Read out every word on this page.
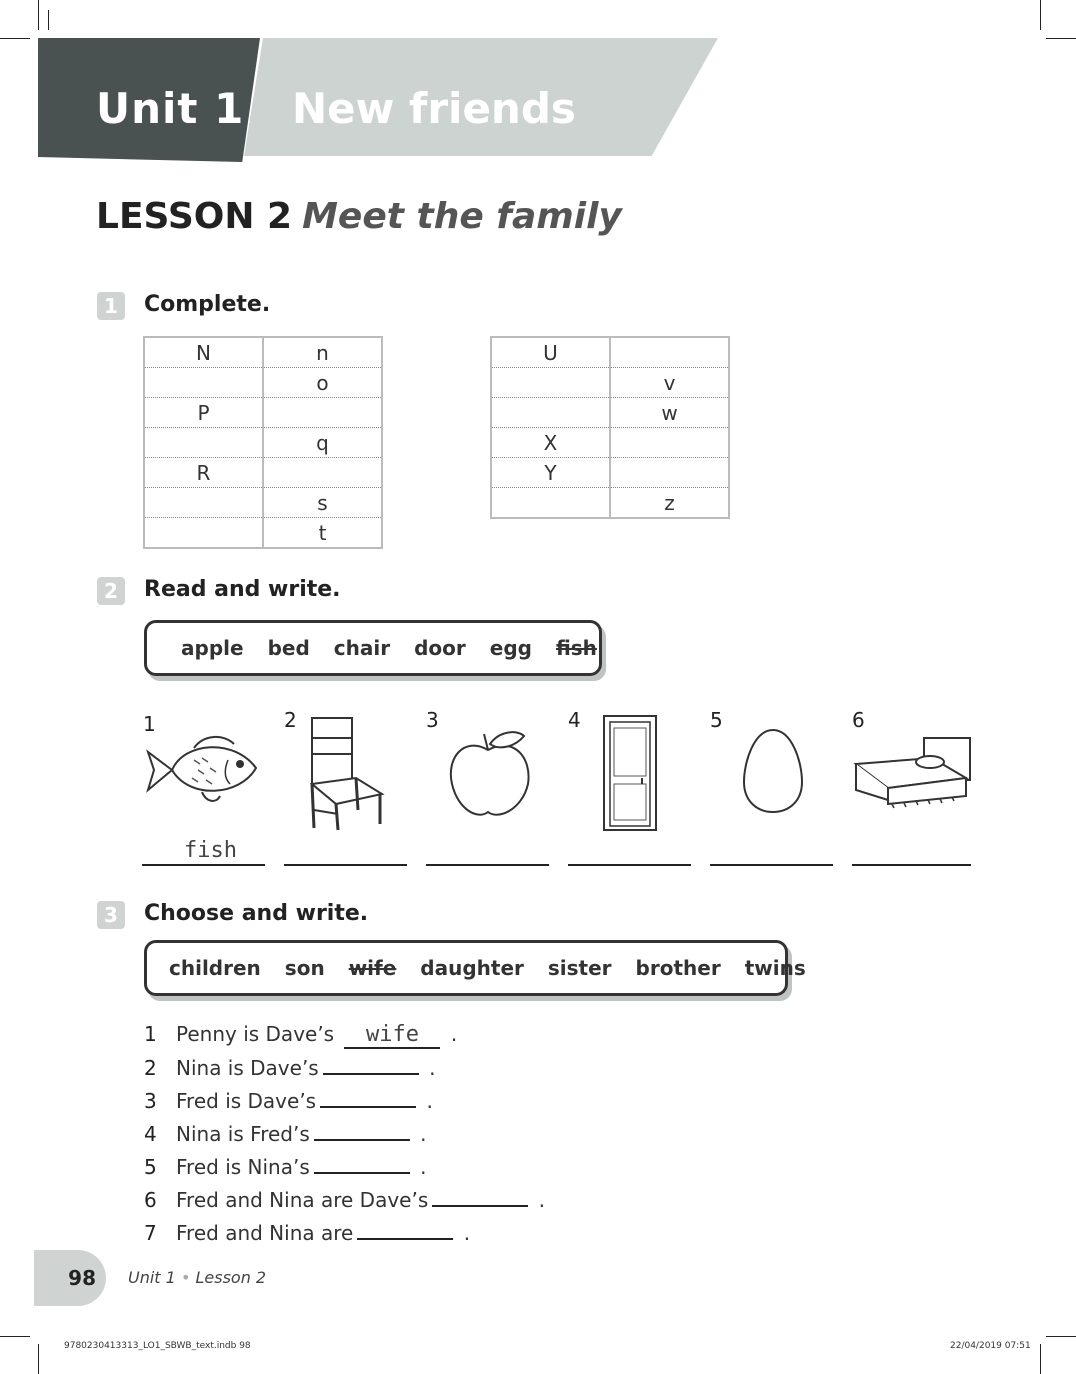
Unit 1 New friends
LESSON 2 Meet the family
1	Complete.
N	n
	o
P	
	q
R	
	s
	t
U	
	v
	w
X	
Y	
	z
2	Read and write.
apple bed chair door egg fish
1	2	3	4	5	6
fish
3	Choose and write.
children son wife daughter sister brother twins
1 Penny is Dave’s wife .
2 Nina is Dave’s	.
3 Fred is Dave’s	.
4 Nina is Fred’s	.
5 Fred is Nina’s	.
6 Fred and Nina are Dave’s	.
7 Fred and Nina are	.
98	Unit 1 • Lesson 2
9780230413313_LO1_SBWB_text.indb 98	22/04/2019 07:51
